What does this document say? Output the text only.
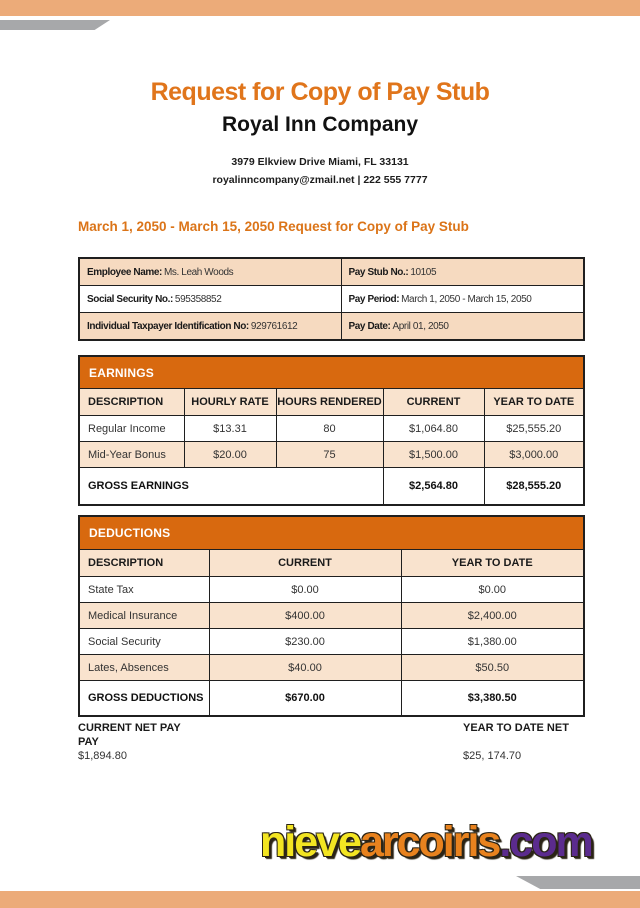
Request for Copy of Pay Stub
Royal Inn Company
3979 Elkview Drive Miami, FL 33131
royalinncompany@zmail.net | 222 555 7777
March 1, 2050 - March 15, 2050 Request for Copy of Pay Stub
Employee Name: Ms. Leah Woods	Pay Stub No.: 10105
Social Security No.: 595358852	Pay Period: March 1, 2050 - March 15, 2050
Individual Taxpayer Identification No: 929761612	Pay Date: April 01, 2050
EARNINGS				
DESCRIPTION	HOURLY RATE	HOURS RENDERED	CURRENT	YEAR TO DATE
Regular Income	$13.31	80	$1,064.80	$25,555.20
Mid-Year Bonus	$20.00	75	$1,500.00	$3,000.00
GROSS EARNINGS			$2,564.80	$28,555.20
DEDUCTIONS		
DESCRIPTION	CURRENT	YEAR TO DATE
State Tax	$0.00	$0.00
Medical Insurance	$400.00	$2,400.00
Social Security	$230.00	$1,380.00
Lates, Absences	$40.00	$50.50
GROSS DEDUCTIONS	$670.00	$3,380.50
CURRENT NET PAY
PAY
$1,894.80
YEAR TO DATE NET

$25, 174.70
nievearcoiris.com
